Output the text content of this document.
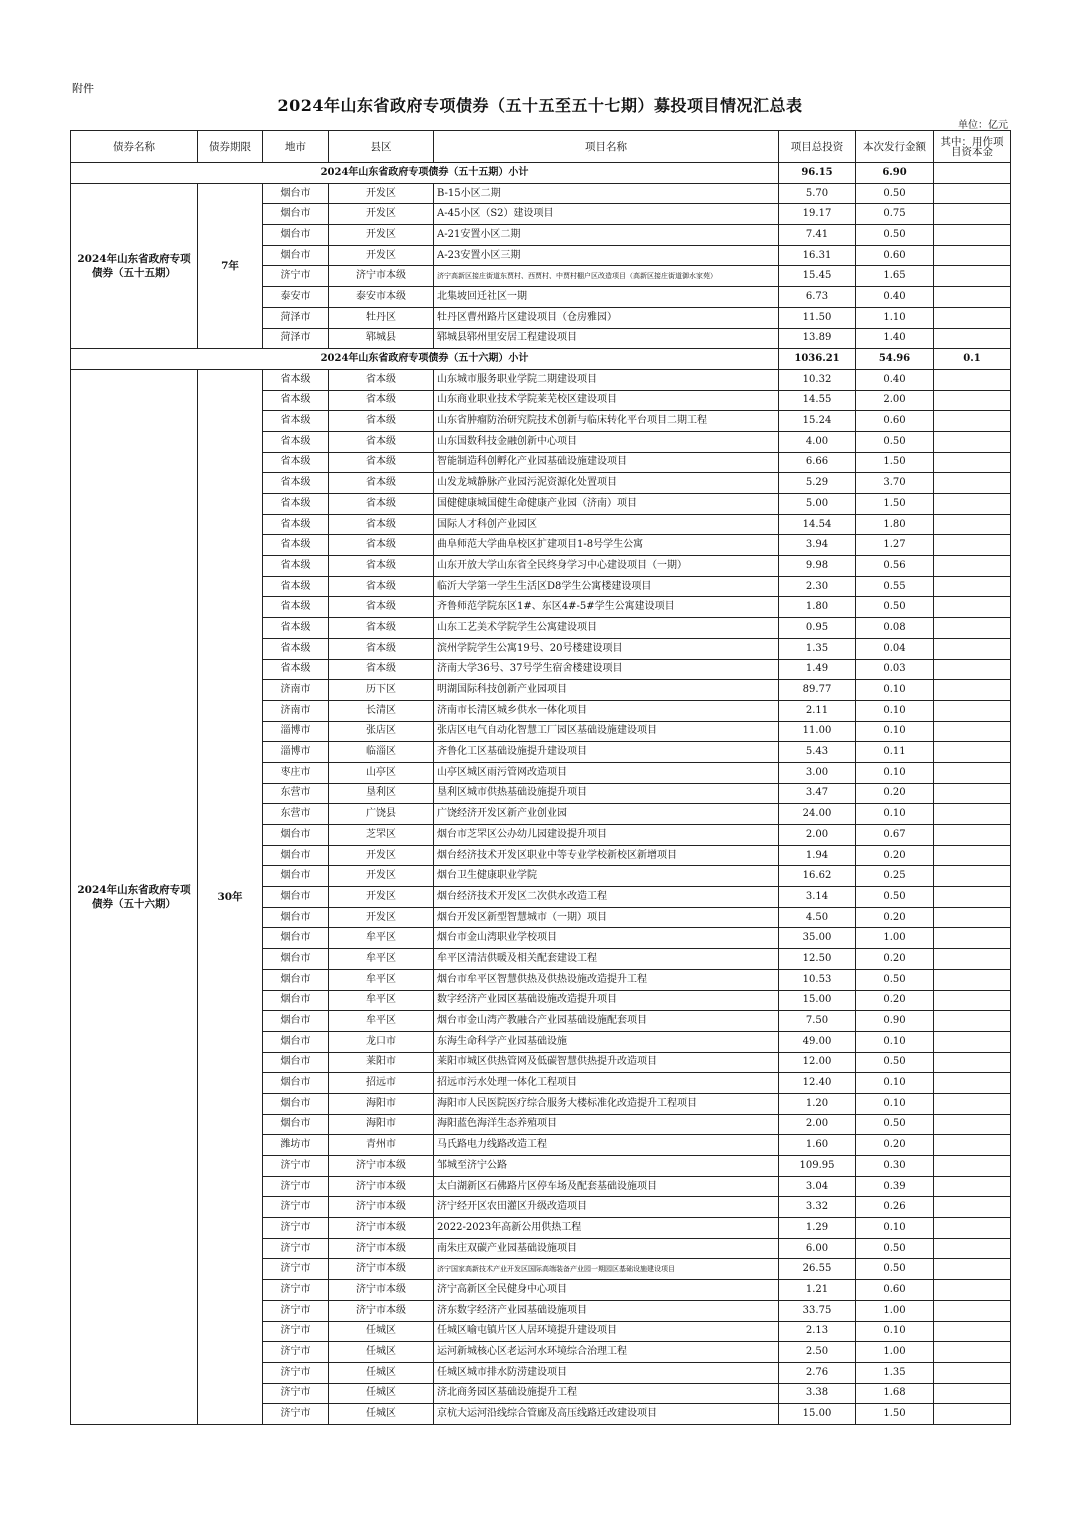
附件
2024年山东省政府专项债券（五十五至五十七期）募投项目情况汇总表
单位：亿元
债券名称	债券期限	地市	县区	项目名称	项目总投资	本次发行金额	其中：用作项目资本金
2024年山东省政府专项债券（五十五期）小计					96.15	6.90	
2024年山东省政府专项债券（五十五期）	7年	烟台市	开发区	B-15小区二期	5.70	0.50	
		烟台市	开发区	A-45小区（S2）建设项目	19.17	0.75	
		烟台市	开发区	A-21安置小区二期	7.41	0.50	
		烟台市	开发区	A-23安置小区三期	16.31	0.60	
		济宁市	济宁市本级	济宁高新区接庄街道东贾村、西贾村、中贾村棚户区改造项目（高新区接庄街道御水家苑）	15.45	1.65	
		泰安市	泰安市本级	北集坡回迁社区一期	6.73	0.40	
		菏泽市	牡丹区	牡丹区曹州路片区建设项目（仓房雅园）	11.50	1.10	
		菏泽市	郓城县	郓城县郓州里安居工程建设项目	13.89	1.40	
2024年山东省政府专项债券（五十六期）小计					1036.21	54.96	0.1
2024年山东省政府专项债券（五十六期）	30年	省本级	省本级	山东城市服务职业学院二期建设项目	10.32	0.40	
		省本级	省本级	山东商业职业技术学院莱芜校区建设项目	14.55	2.00	
		省本级	省本级	山东省肿瘤防治研究院技术创新与临床转化平台项目二期工程	15.24	0.60	
		省本级	省本级	山东国数科技金融创新中心项目	4.00	0.50	
		省本级	省本级	智能制造科创孵化产业园基础设施建设项目	6.66	1.50	
		省本级	省本级	山发龙城静脉产业园污泥资源化处置项目	5.29	3.70	
		省本级	省本级	国健健康城国健生命健康产业园（济南）项目	5.00	1.50	
		省本级	省本级	国际人才科创产业园区	14.54	1.80	
		省本级	省本级	曲阜师范大学曲阜校区扩建项目1-8号学生公寓	3.94	1.27	
		省本级	省本级	山东开放大学山东省全民终身学习中心建设项目（一期）	9.98	0.56	
		省本级	省本级	临沂大学第一学生生活区D8学生公寓楼建设项目	2.30	0.55	
		省本级	省本级	齐鲁师范学院东区1#、东区4#-5#学生公寓建设项目	1.80	0.50	
		省本级	省本级	山东工艺美术学院学生公寓建设项目	0.95	0.08	
		省本级	省本级	滨州学院学生公寓19号、20号楼建设项目	1.35	0.04	
		省本级	省本级	济南大学36号、37号学生宿舍楼建设项目	1.49	0.03	
		济南市	历下区	明湖国际科技创新产业园项目	89.77	0.10	
		济南市	长清区	济南市长清区城乡供水一体化项目	2.11	0.10	
		淄博市	张店区	张店区电气自动化智慧工厂园区基础设施建设项目	11.00	0.10	
		淄博市	临淄区	齐鲁化工区基础设施提升建设项目	5.43	0.11	
		枣庄市	山亭区	山亭区城区雨污管网改造项目	3.00	0.10	
		东营市	垦利区	垦利区城市供热基础设施提升项目	3.47	0.20	
		东营市	广饶县	广饶经济开发区新产业创业园	24.00	0.10	
		烟台市	芝罘区	烟台市芝罘区公办幼儿园建设提升项目	2.00	0.67	
		烟台市	开发区	烟台经济技术开发区职业中等专业学校新校区新增项目	1.94	0.20	
		烟台市	开发区	烟台卫生健康职业学院	16.62	0.25	
		烟台市	开发区	烟台经济技术开发区二次供水改造工程	3.14	0.50	
		烟台市	开发区	烟台开发区新型智慧城市（一期）项目	4.50	0.20	
		烟台市	牟平区	烟台市金山湾职业学校项目	35.00	1.00	
		烟台市	牟平区	牟平区清洁供暖及相关配套建设工程	12.50	0.20	
		烟台市	牟平区	烟台市牟平区智慧供热及供热设施改造提升工程	10.53	0.50	
		烟台市	牟平区	数字经济产业园区基础设施改造提升项目	15.00	0.20	
		烟台市	牟平区	烟台市金山湾产教融合产业园基础设施配套项目	7.50	0.90	
		烟台市	龙口市	东海生命科学产业园基础设施	49.00	0.10	
		烟台市	莱阳市	莱阳市城区供热管网及低碳智慧供热提升改造项目	12.00	0.50	
		烟台市	招远市	招远市污水处理一体化工程项目	12.40	0.10	
		烟台市	海阳市	海阳市人民医院医疗综合服务大楼标准化改造提升工程项目	1.20	0.10	
		烟台市	海阳市	海阳蓝色海洋生态养殖项目	2.00	0.50	
		潍坊市	青州市	马氏路电力线路改造工程	1.60	0.20	
		济宁市	济宁市本级	邹城至济宁公路	109.95	0.30	
		济宁市	济宁市本级	太白湖新区石佛路片区停车场及配套基础设施项目	3.04	0.39	
		济宁市	济宁市本级	济宁经开区农田灌区升级改造项目	3.32	0.26	
		济宁市	济宁市本级	2022-2023年高新公用供热工程	1.29	0.10	
		济宁市	济宁市本级	南朱庄双碳产业园基础设施项目	6.00	0.50	
		济宁市	济宁市本级	济宁国家高新技术产业开发区国际高端装备产业园一期园区基础设施建设项目	26.55	0.50	
		济宁市	济宁市本级	济宁高新区全民健身中心项目	1.21	0.60	
		济宁市	济宁市本级	济东数字经济产业园基础设施项目	33.75	1.00	
		济宁市	任城区	任城区喻屯镇片区人居环境提升建设项目	2.13	0.10	
		济宁市	任城区	运河新城核心区老运河水环境综合治理工程	2.50	1.00	
		济宁市	任城区	任城区城市排水防涝建设项目	2.76	1.35	
		济宁市	任城区	济北商务园区基础设施提升工程	3.38	1.68	
		济宁市	任城区	京杭大运河沿线综合管廊及高压线路迁改建设项目	15.00	1.50	
